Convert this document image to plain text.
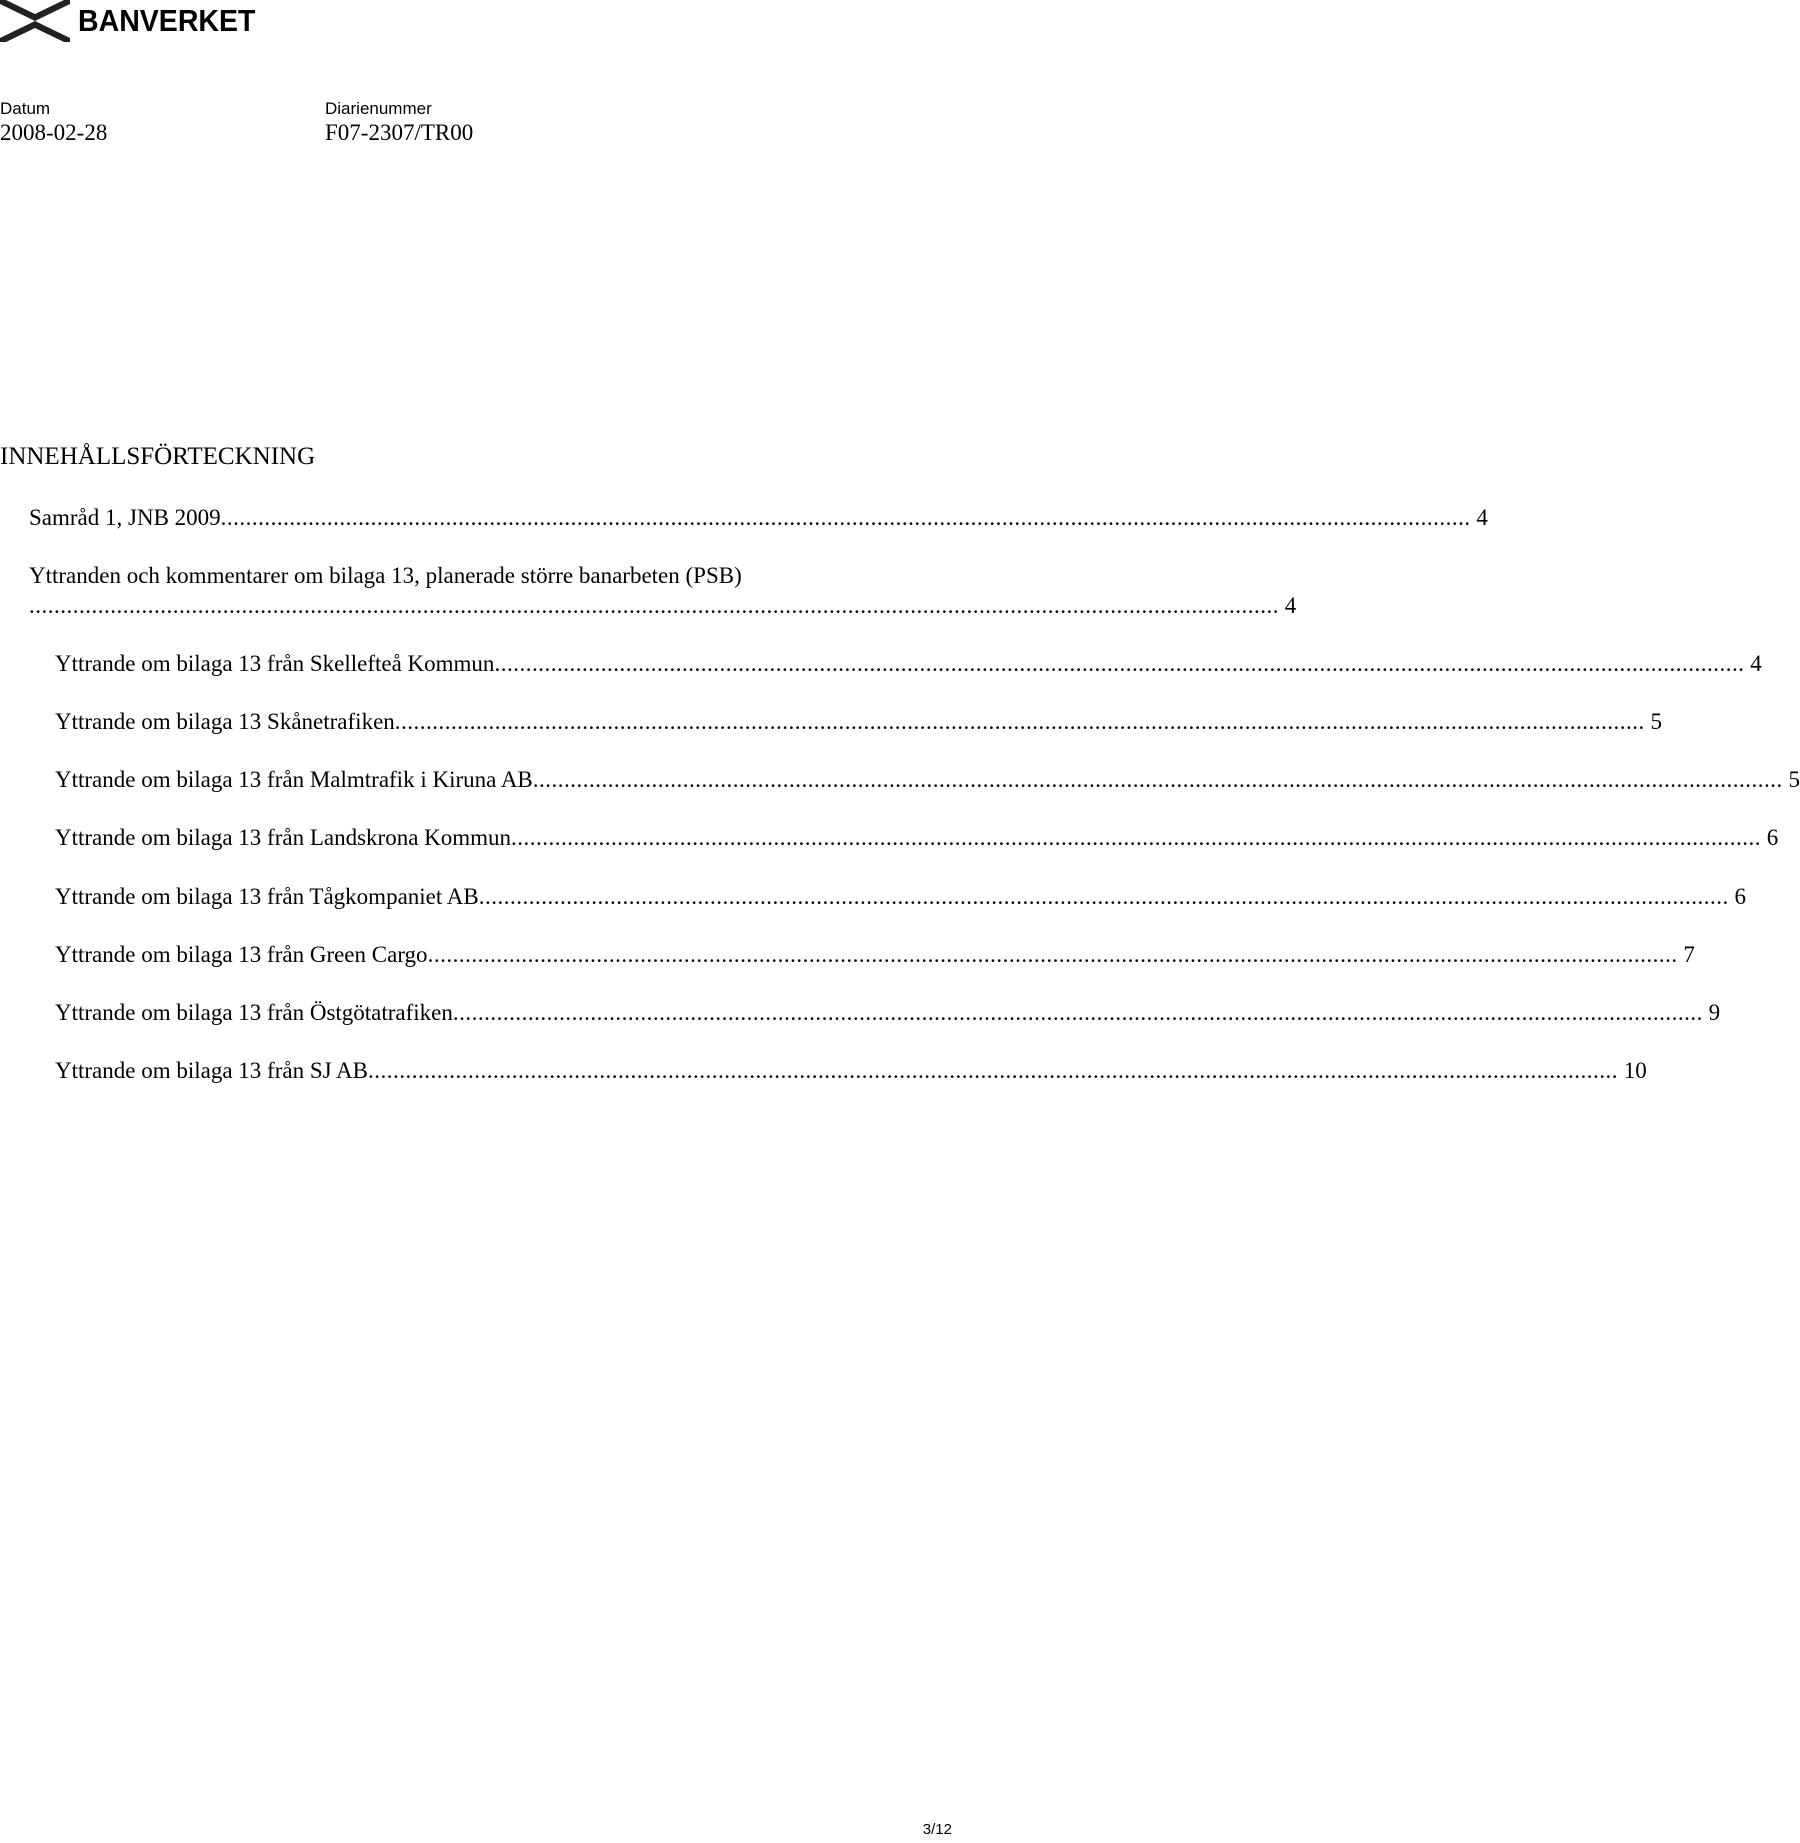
BANVERKET
Datum
2008-02-28
Diarienummer
F07-2307/TR00
INNEHÅLLSFÖRTECKNING
Samråd 1, JNB 2009 ........................................................................................................................................................................................................ 4
Yttranden och kommentarer om bilaga 13, planerade större banarbeten (PSB)
........................................................................................................................................................................................................ 4
Yttrande om bilaga 13 från Skellefteå Kommun ........................................................................................................................................................................................................ 4
Yttrande om bilaga 13 Skånetrafiken ........................................................................................................................................................................................................ 5
Yttrande om bilaga 13 från Malmtrafik i Kiruna AB ........................................................................................................................................................................................................ 5
Yttrande om bilaga 13 från Landskrona Kommun ........................................................................................................................................................................................................ 6
Yttrande om bilaga 13 från Tågkompaniet AB ........................................................................................................................................................................................................ 6
Yttrande om bilaga 13 från Green Cargo ........................................................................................................................................................................................................ 7
Yttrande om bilaga 13 från Östgötatrafiken ........................................................................................................................................................................................................ 9
Yttrande om bilaga 13 från SJ AB ........................................................................................................................................................................................................ 10
3/12
